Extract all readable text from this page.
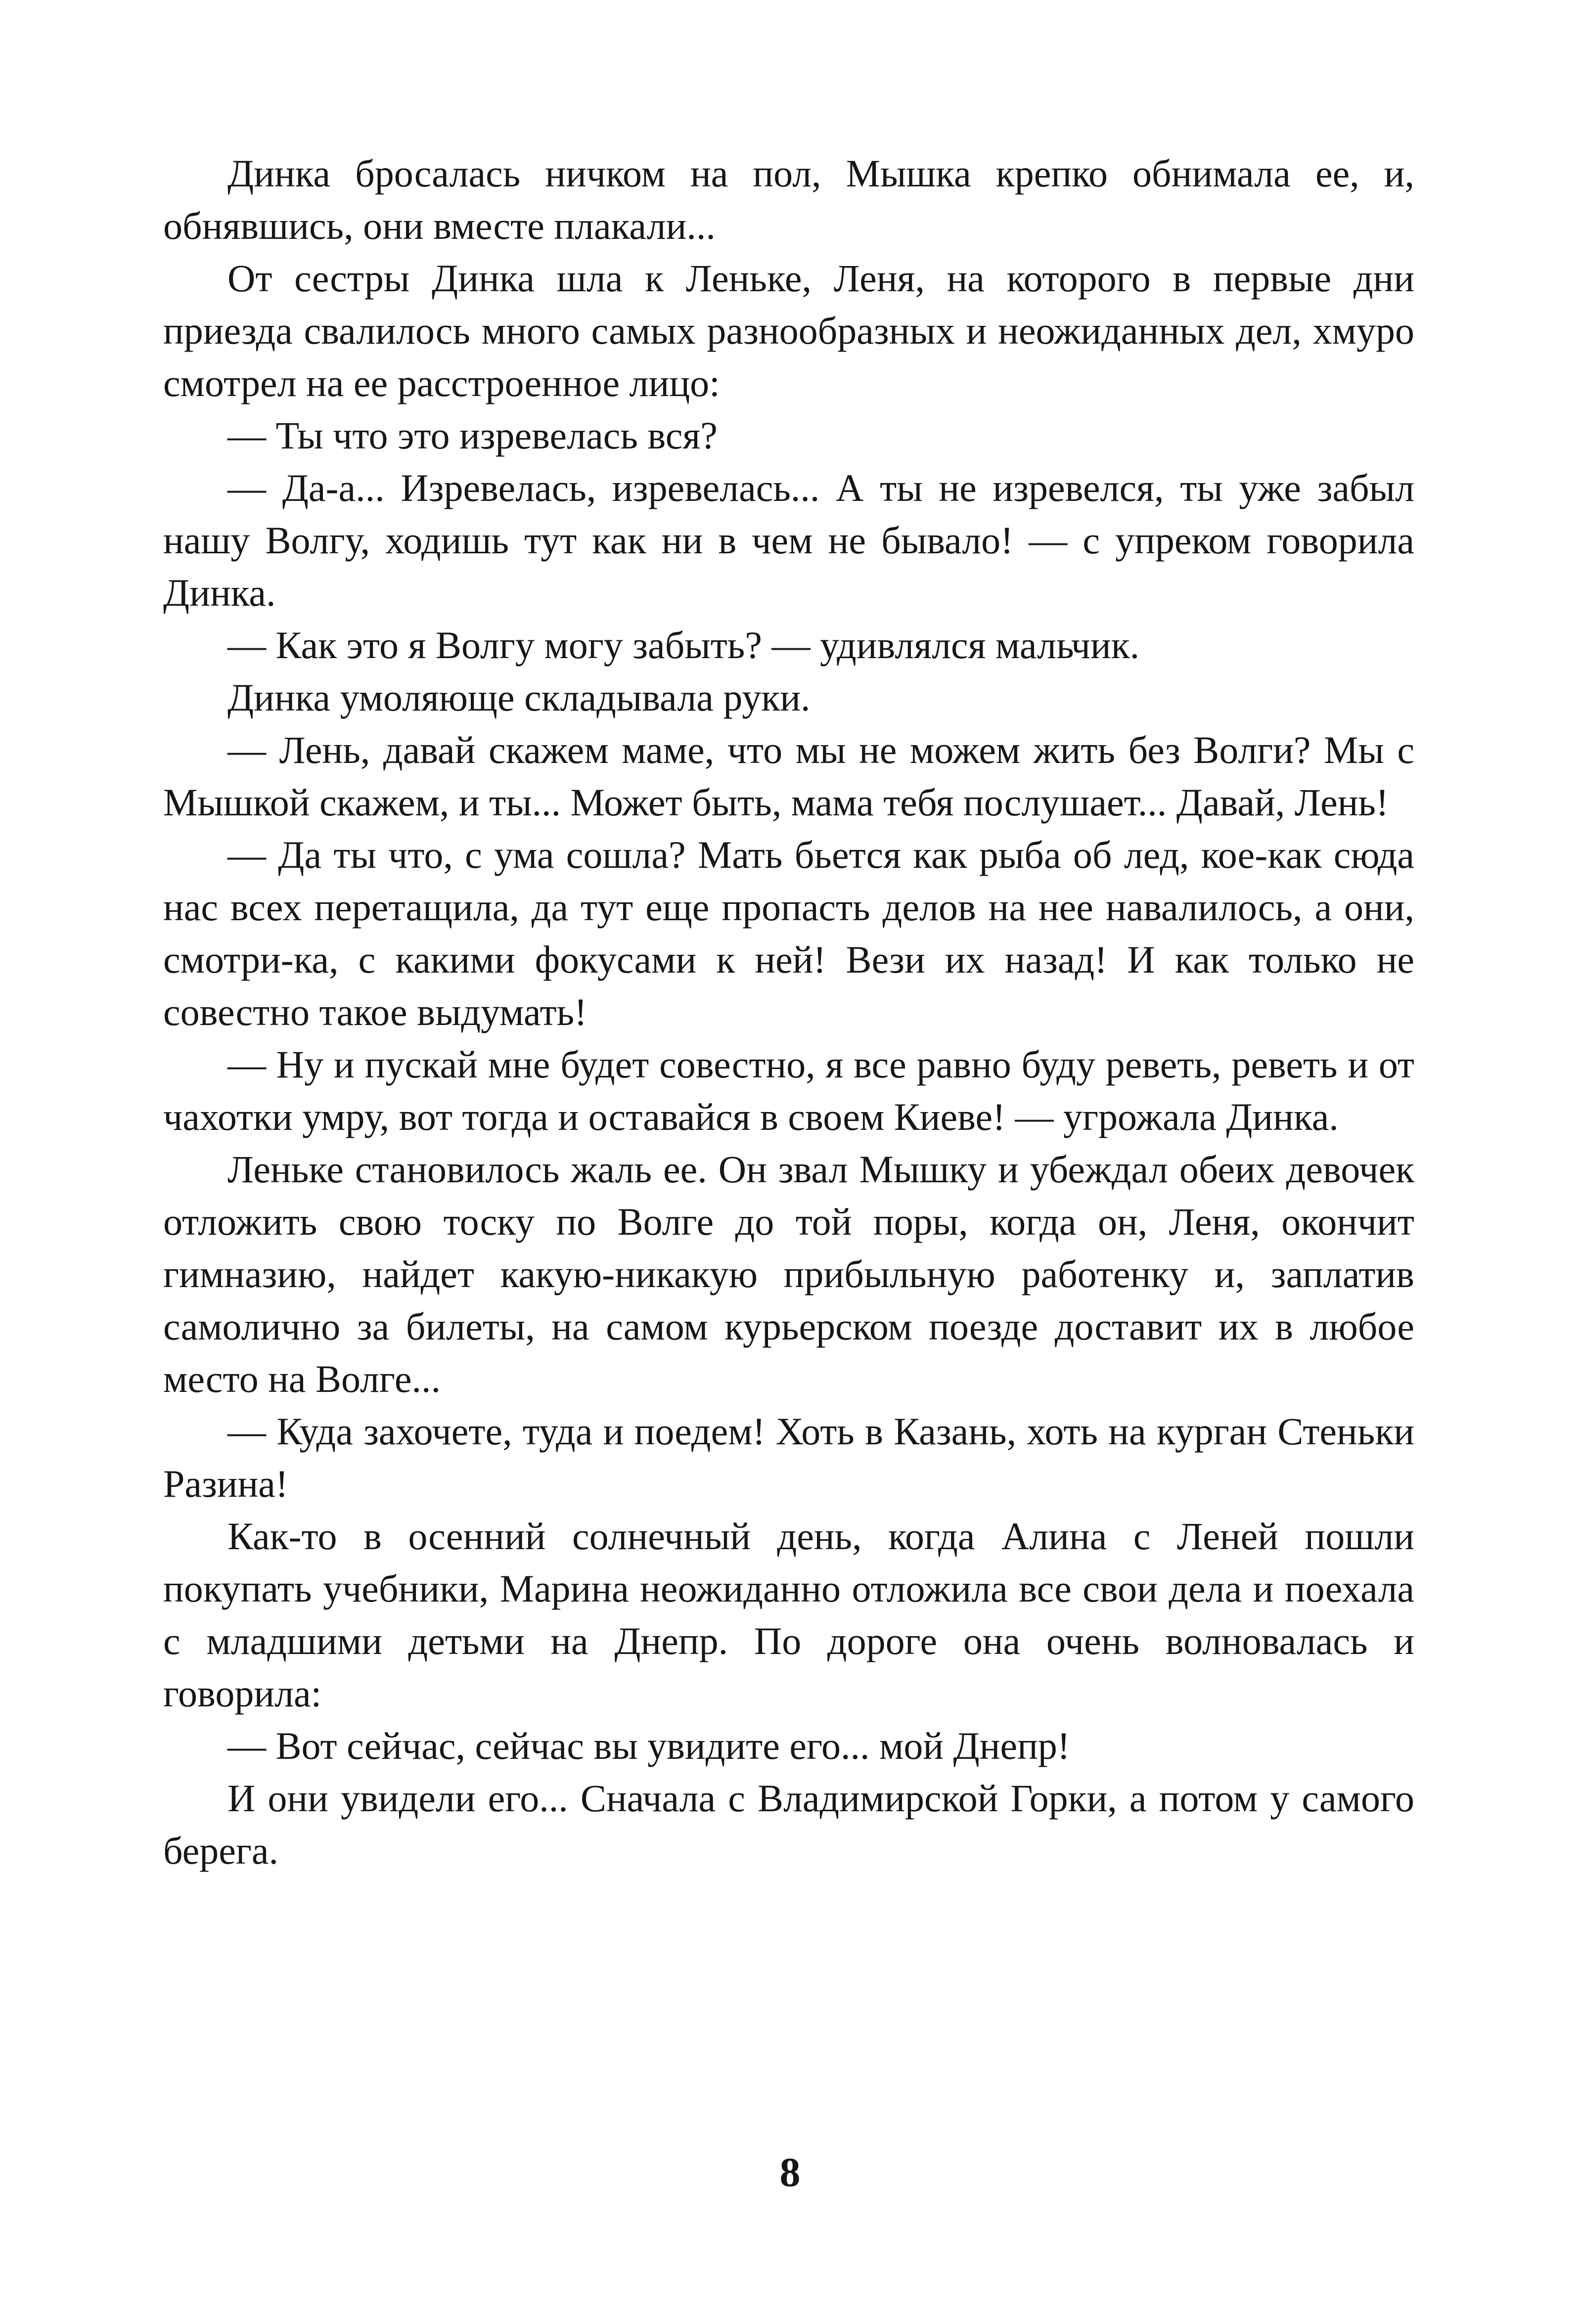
Динка бросалась ничком на пол, Мышка крепко обнимала ее, и, обнявшись, они вместе плакали...

От сестры Динка шла к Леньке, Леня, на которого в первые дни приезда свалилось много самых разнообразных и неожиданных дел, хмуро смотрел на ее расстроенное лицо:

— Ты что это изревелась вся?

— Да-а... Изревелась, изревелась... А ты не изревелся, ты уже забыл нашу Волгу, ходишь тут как ни в чем не бывало! — с упреком говорила Динка.

— Как это я Волгу могу забыть? — удивлялся мальчик.

Динка умоляюще складывала руки.

— Лень, давай скажем маме, что мы не можем жить без Волги? Мы с Мышкой скажем, и ты... Может быть, мама тебя послушает... Давай, Лень!

— Да ты что, с ума сошла? Мать бьется как рыба об лед, кое-как сюда нас всех перетащила, да тут еще пропасть делов на нее навалилось, а они, смотри-ка, с какими фокусами к ней! Вези их назад! И как только не совестно такое выдумать!

— Ну и пускай мне будет совестно, я все равно буду реветь, реветь и от чахотки умру, вот тогда и оставайся в своем Киеве! — угрожала Динка.

Леньке становилось жаль ее. Он звал Мышку и убеждал обеих девочек отложить свою тоску по Волге до той поры, когда он, Леня, окончит гимназию, найдет какую-никакую прибыльную работенку и, заплатив самолично за билеты, на самом курьерском поезде доставит их в любое место на Волге...

— Куда захочете, туда и поедем! Хоть в Казань, хоть на курган Стеньки Разина!

Как-то в осенний солнечный день, когда Алина с Леней пошли покупать учебники, Марина неожиданно отложила все свои дела и поехала с младшими детьми на Днепр. По дороге она очень волновалась и говорила:

— Вот сейчас, сейчас вы увидите его... мой Днепр!

И они увидели его... Сначала с Владимирской Горки, а потом у самого берега.

8
